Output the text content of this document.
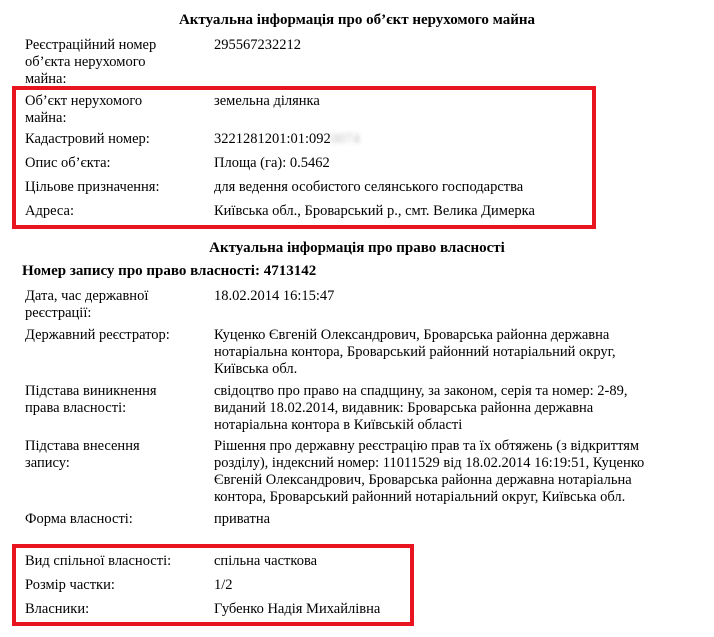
Актуальна інформація про об’єкт нерухомого майна
Реєстраційний номер
об’єкта нерухомого
майна:
295567232212
Об’єкт нерухомого
майна:
земельна ділянка
Кадастровий номер:	3221281201:01:0920074
Опис об’єкта:	Площа (га): 0.5462
Цільове призначення:	для ведення особистого селянського господарства
Адреса:	Київська обл., Броварський р., смт. Велика Димерка
Актуальна інформація про право власності
Номер запису про право власності: 4713142
Дата, час державної
реєстрації:
18.02.2014 16:15:47
Державний реєстратор:	Куценко Євгеній Олександрович, Броварська районна державна
нотаріальна контора, Броварський районний нотаріальний округ,
Київська обл.
Підстава виникнення
права власності:
свідоцтво про право на спадщину, за законом, серія та номер: 2-89,
виданий 18.02.2014, видавник: Броварська районна державна
нотаріальна контора в Київській області
Підстава внесення
запису:
Рішення про державну реєстрацію прав та їх обтяжень (з відкриттям
розділу), індексний номер: 11011529 від 18.02.2014 16:19:51, Куценко
Євгеній Олександрович, Броварська районна державна нотаріальна
контора, Броварський районний нотаріальний округ, Київська обл.
Форма власності:	приватна
Вид спільної власності:	спільна часткова
Розмір частки:	1/2
Власники:	Губенко Надія Михайлівна
